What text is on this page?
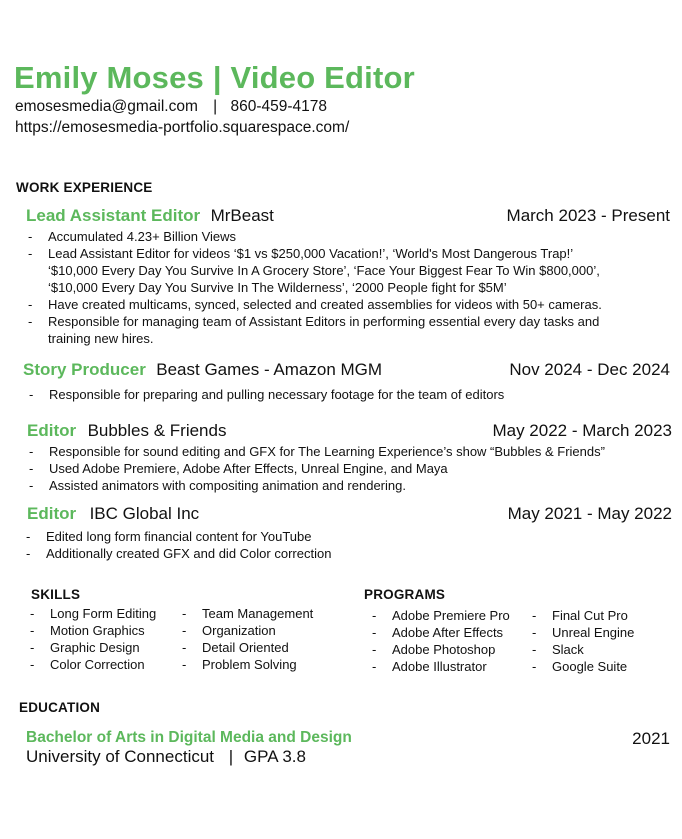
Emily Moses | Video Editor
emosesmedia@gmail.com | 860-459-4178
https://emosesmedia-portfolio.squarespace.com/
WORK EXPERIENCE
Lead Assistant Editor MrBeast	March 2023 - Present
- Accumulated 4.23+ Billion Views
- Lead Assistant Editor for videos ‘$1 vs $250,000 Vacation!’, ‘World's Most Dangerous Trap!’
‘$10,000 Every Day You Survive In A Grocery Store’, ‘Face Your Biggest Fear To Win $800,000’,
‘$10,000 Every Day You Survive In The Wilderness’, ‘2000 People fight for $5M’
- Have created multicams, synced, selected and created assemblies for videos with 50+ cameras.
- Responsible for managing team of Assistant Editors in performing essential every day tasks and
training new hires.
Story Producer Beast Games - Amazon MGM	Nov 2024 - Dec 2024
- Responsible for preparing and pulling necessary footage for the team of editors
Editor Bubbles & Friends	May 2022 - March 2023
- Responsible for sound editing and GFX for The Learning Experience’s show “Bubbles & Friends”
- Used Adobe Premiere, Adobe After Effects, Unreal Engine, and Maya
- Assisted animators with compositing animation and rendering.
Editor IBC Global Inc	May 2021 - May 2022
- Edited long form financial content for YouTube
- Additionally created GFX and did Color correction
SKILLS
- Long Form Editing
- Motion Graphics
- Graphic Design
- Color Correction
- Team Management
- Organization
- Detail Oriented
- Problem Solving
PROGRAMS
- Adobe Premiere Pro
- Adobe After Effects
- Adobe Photoshop
- Adobe Illustrator
- Final Cut Pro
- Unreal Engine
- Slack
- Google Suite
EDUCATION
Bachelor of Arts in Digital Media and Design	2021
University of Connecticut | GPA 3.8
